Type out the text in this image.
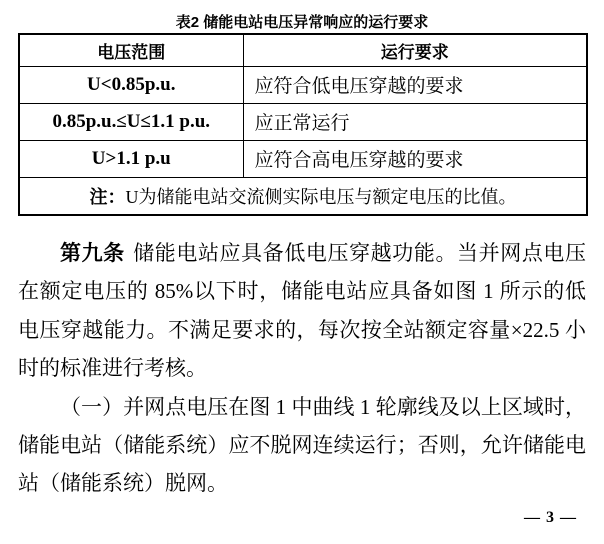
表2 储能电站电压异常响应的运行要求
电压范围	运行要求
U<0.85p.u.	应符合低电压穿越的要求
0.85p.u.≤U≤1.1 p.u.	应正常运行
U>1.1 p.u	应符合高电压穿越的要求
注：U为储能电站交流侧实际电压与额定电压的比值。	

第九条 储能电站应具备低电压穿越功能。当并网点电压在额定电压的 85%以下时，储能电站应具备如图 1 所示的低电压穿越能力。不满足要求的，每次按全站额定容量×22.5 小时的标准进行考核。

（一）并网点电压在图 1 中曲线 1 轮廓线及以上区域时，储能电站（储能系统）应不脱网连续运行；否则，允许储能电站（储能系统）脱网。

— 3 —
